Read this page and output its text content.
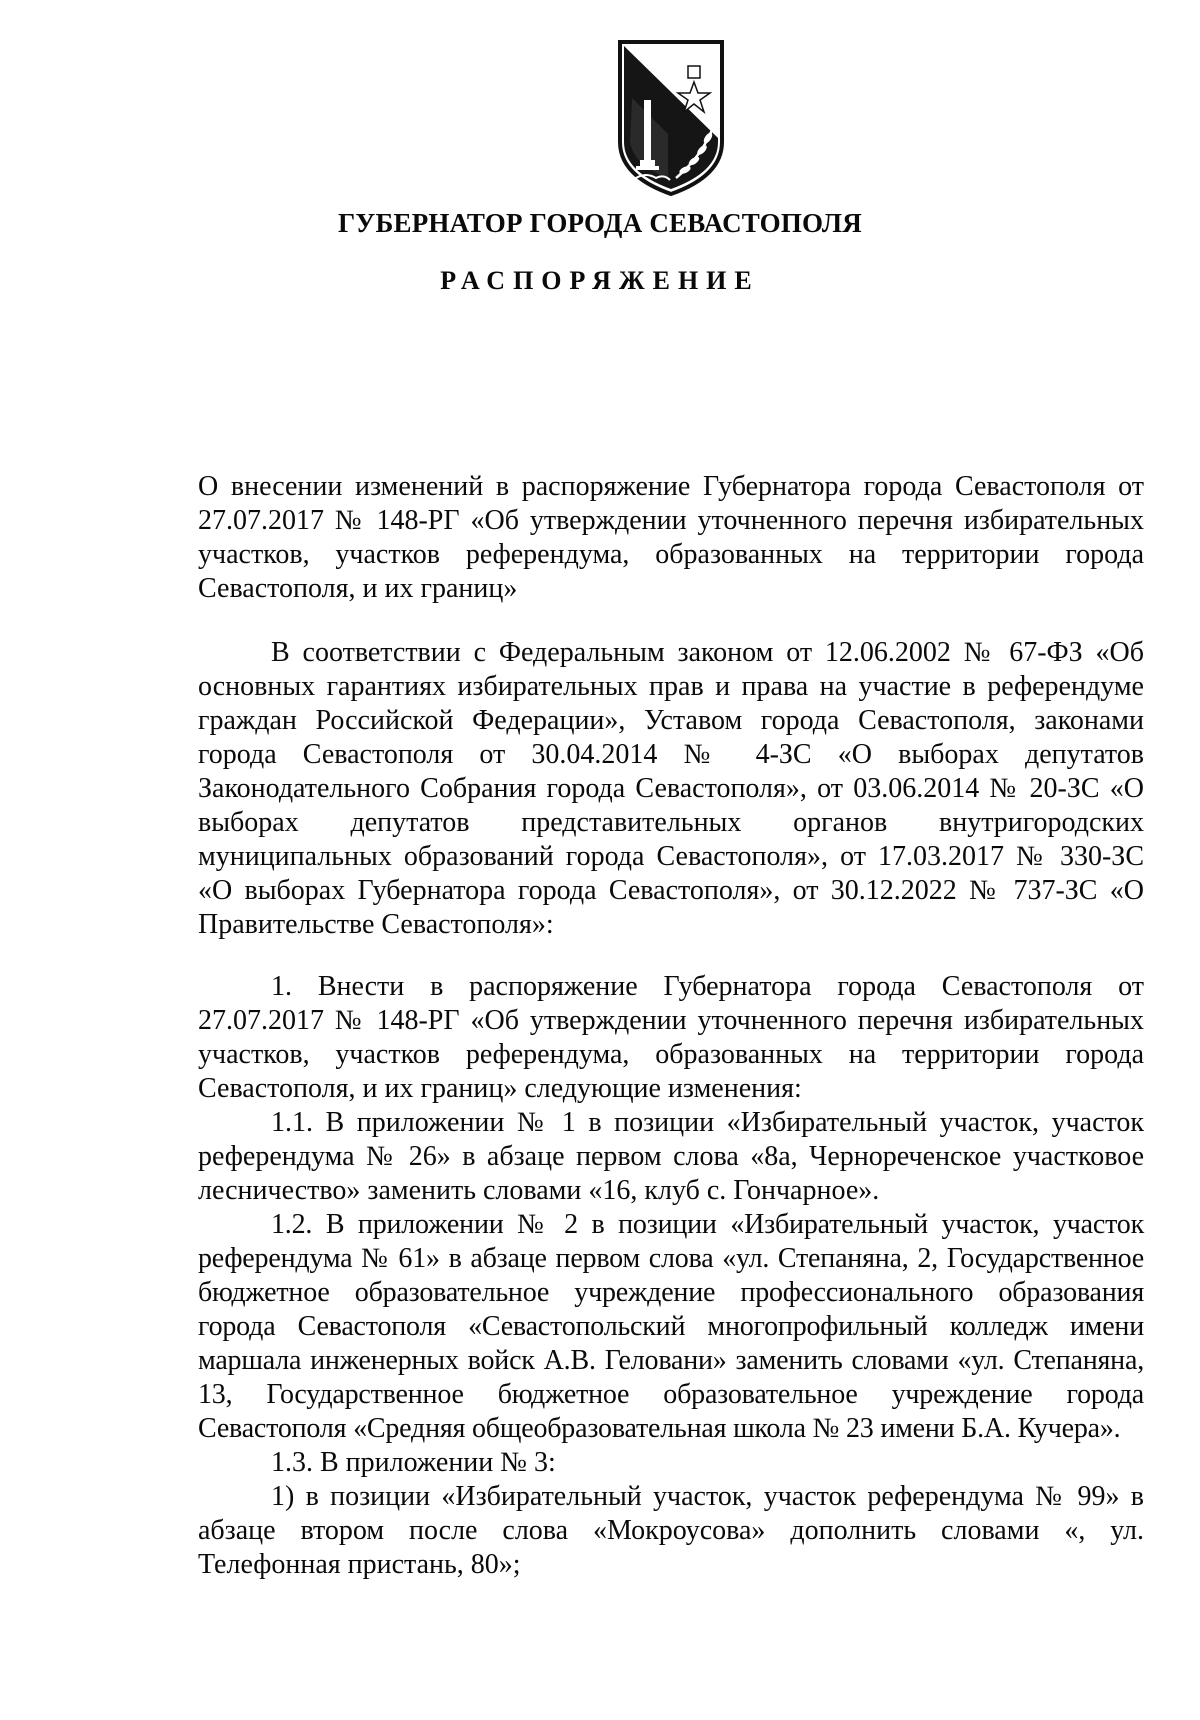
ГУБЕРНАТОР ГОРОДА СЕВАСТОПОЛЯ
РАСПОРЯЖЕНИЕ

О внесении изменений в распоряжение Губернатора города Севастополя от 27.07.2017 № 148-РГ «Об утверждении уточненного перечня избирательных участков, участков референдума, образованных на территории города Севастополя, и их границ»

В соответствии с Федеральным законом от 12.06.2002 № 67-ФЗ «Об основных гарантиях избирательных прав и права на участие в референдуме граждан Российской Федерации», Уставом города Севастополя, законами города Севастополя от 30.04.2014 № 4-ЗС «О выборах депутатов Законодательного Собрания города Севастополя», от 03.06.2014 № 20-ЗС «О выборах депутатов представительных органов внутригородских муниципальных образований города Севастополя», от 17.03.2017 № 330-ЗС «О выборах Губернатора города Севастополя», от 30.12.2022 № 737-ЗС «О Правительстве Севастополя»:

1. Внести в распоряжение Губернатора города Севастополя от 27.07.2017 № 148-РГ «Об утверждении уточненного перечня избирательных участков, участков референдума, образованных на территории города Севастополя, и их границ» следующие изменения:

1.1. В приложении № 1 в позиции «Избирательный участок, участок референдума № 26» в абзаце первом слова «8а, Чернореченское участковое лесничество» заменить словами «16, клуб с. Гончарное».

1.2. В приложении № 2 в позиции «Избирательный участок, участок референдума № 61» в абзаце первом слова «ул. Степаняна, 2, Государственное бюджетное образовательное учреждение профессионального образования города Севастополя «Севастопольский многопрофильный колледж имени маршала инженерных войск А.В. Геловани» заменить словами «ул. Степаняна, 13, Государственное бюджетное образовательное учреждение города Севастополя «Средняя общеобразовательная школа № 23 имени Б.А. Кучера».

1.3. В приложении № 3:

1) в позиции «Избирательный участок, участок референдума № 99» в абзаце втором после слова «Мокроусова» дополнить словами «, ул. Телефонная пристань, 80»;
